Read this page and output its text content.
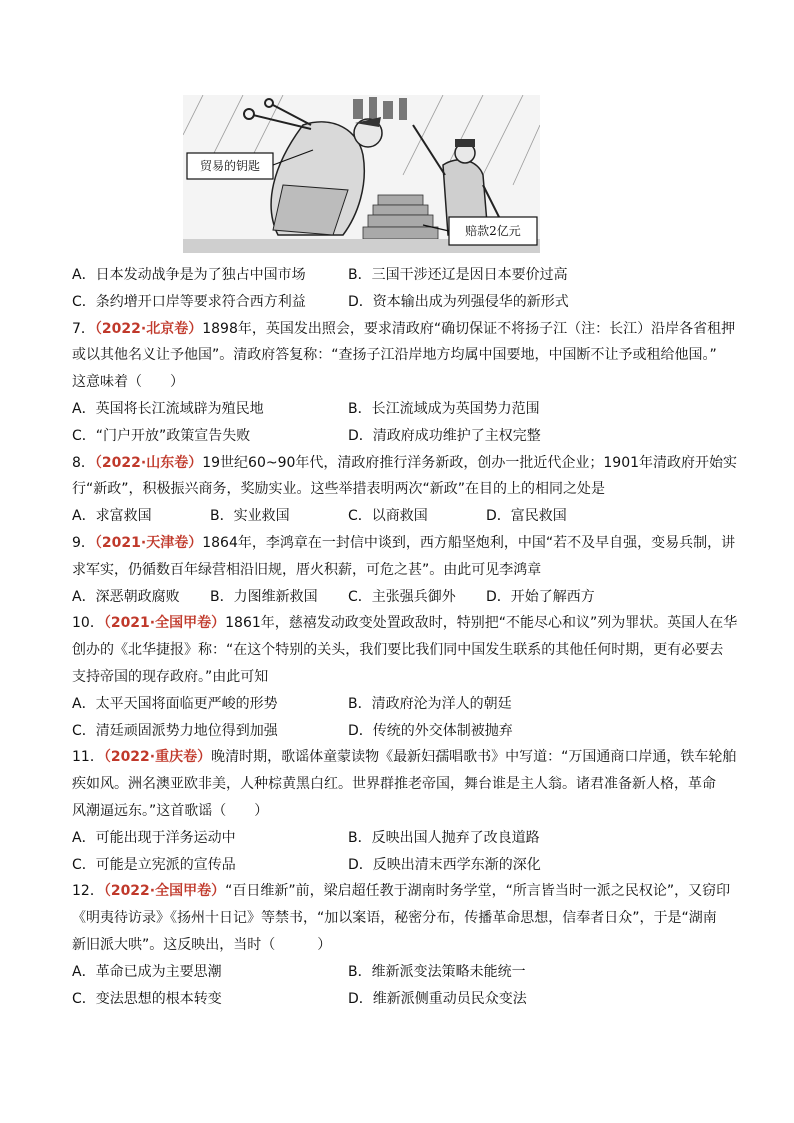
贸易的钥匙
赔款2亿元
A．日本发动战争是为了独占中国市场	B．三国干涉还辽是因日本要价过高
C．条约增开口岸等要求符合西方利益	D．资本输出成为列强侵华的新形式
7．（2022·北京卷）1898年，英国发出照会，要求清政府“确切保证不将扬子江（注：长江）沿岸各省租押
或以其他名义让予他国”。清政府答复称：“查扬子江沿岸地方均属中国要地，中国断不让予或租给他国。”
这意味着（　　）
A．英国将长江流域辟为殖民地	B．长江流域成为英国势力范围
C．“门户开放”政策宣告失败	D．清政府成功维护了主权完整
8．（2022·山东卷）19世纪60~90年代，清政府推行洋务新政，创办一批近代企业；1901年清政府开始实
行“新政”，积极振兴商务，奖励实业。这些举措表明两次“新政”在目的上的相同之处是
A．求富救国	B．实业救国	C．以商救国	D．富民救国
9．（2021·天津卷）1864年，李鸿章在一封信中谈到，西方船坚炮利，中国“若不及早自强，变易兵制，讲
求军实，仍循数百年绿营相沿旧规，厝火积薪，可危之甚”。由此可见李鸿章
A．深恶朝政腐败	B．力图维新救国	C．主张强兵御外	D．开始了解西方
10．（2021·全国甲卷）1861年，慈禧发动政变处置政敌时，特别把“不能尽心和议”列为罪状。英国人在华
创办的《北华捷报》称：“在这个特别的关头，我们要比我们同中国发生联系的其他任何时期，更有必要去
支持帝国的现存政府。”由此可知
A．太平天国将面临更严峻的形势	B．清政府沦为洋人的朝廷
C．清廷顽固派势力地位得到加强	D．传统的外交体制被抛弃
11．（2022·重庆卷）晚清时期，歌谣体童蒙读物《最新妇孺唱歌书》中写道：“万国通商口岸通，铁车轮舶
疾如风。洲名澳亚欧非美，人种棕黄黑白红。世界群推老帝国，舞台谁是主人翁。诸君准备新人格，革命
风潮逼远东。”这首歌谣（　　）
A．可能出现于洋务运动中	B．反映出国人抛弃了改良道路
C．可能是立宪派的宣传品	D．反映出清末西学东渐的深化
12．（2022·全国甲卷）“百日维新”前，梁启超任教于湖南时务学堂，“所言皆当时一派之民权论”，又窃印
《明夷待访录》《扬州十日记》等禁书，“加以案语，秘密分布，传播革命思想，信奉者日众”，于是“湖南
新旧派大哄”。这反映出，当时（　　　）
A．革命已成为主要思潮	B．维新派变法策略未能统一
C．变法思想的根本转变	D．维新派侧重动员民众变法
